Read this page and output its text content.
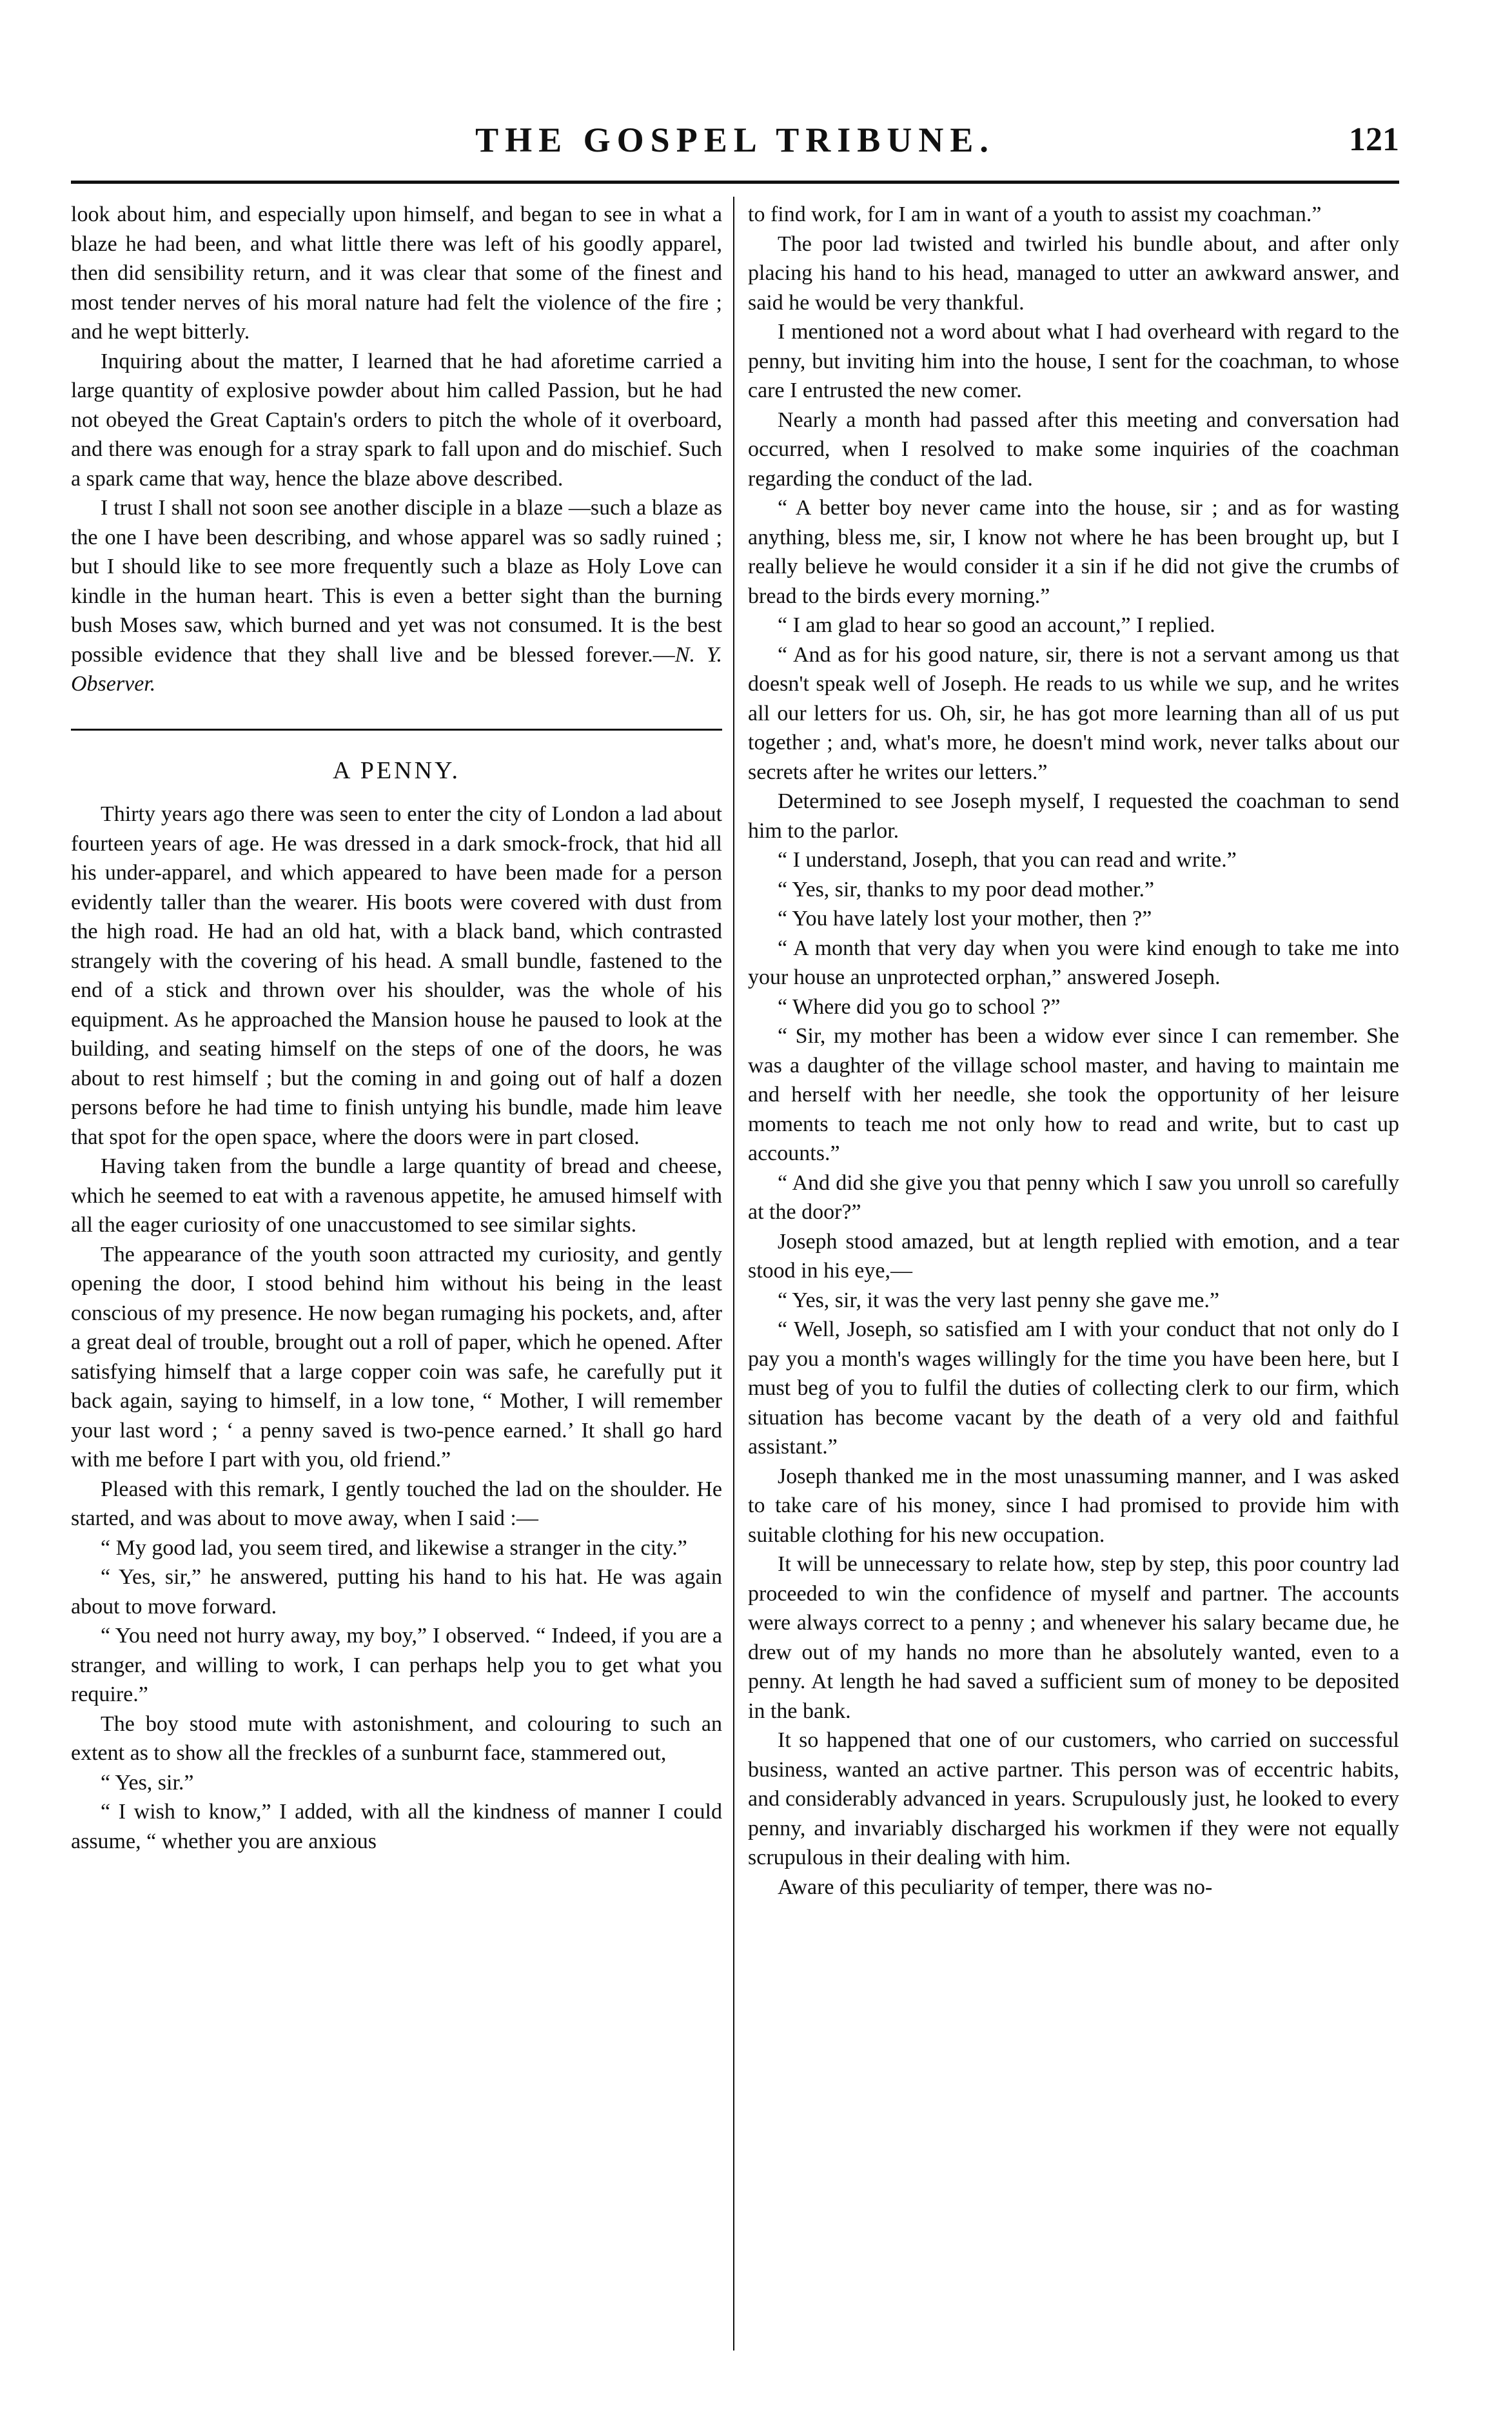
THE GOSPEL TRIBUNE.	121

look about him, and especially upon himself, and began to see in what a blaze he had been, and what little there was left of his goodly apparel, then did sensibility return, and it was clear that some of the finest and most tender nerves of his moral nature had felt the violence of the fire ; and he wept bitterly.

Inquiring about the matter, I learned that he had aforetime carried a large quantity of explosive powder about him called Passion, but he had not obeyed the Great Captain's orders to pitch the whole of it overboard, and there was enough for a stray spark to fall upon and do mischief. Such a spark came that way, hence the blaze above described.

I trust I shall not soon see another disciple in a blaze —such a blaze as the one I have been describing, and whose apparel was so sadly ruined ; but I should like to see more frequently such a blaze as Holy Love can kindle in the human heart. This is even a better sight than the burning bush Moses saw, which burned and yet was not consumed. It is the best possible evidence that they shall live and be blessed forever.—N. Y. Observer.

A PENNY.

Thirty years ago there was seen to enter the city of London a lad about fourteen years of age. He was dressed in a dark smock-frock, that hid all his under-apparel, and which appeared to have been made for a person evidently taller than the wearer. His boots were covered with dust from the high road. He had an old hat, with a black band, which contrasted strangely with the covering of his head. A small bundle, fastened to the end of a stick and thrown over his shoulder, was the whole of his equipment. As he approached the Mansion house he paused to look at the building, and seating himself on the steps of one of the doors, he was about to rest himself ; but the coming in and going out of half a dozen persons before he had time to finish untying his bundle, made him leave that spot for the open space, where the doors were in part closed.

Having taken from the bundle a large quantity of bread and cheese, which he seemed to eat with a ravenous appetite, he amused himself with all the eager curiosity of one unaccustomed to see similar sights.

The appearance of the youth soon attracted my curiosity, and gently opening the door, I stood behind him without his being in the least conscious of my presence. He now began rumaging his pockets, and, after a great deal of trouble, brought out a roll of paper, which he opened. After satisfying himself that a large copper coin was safe, he carefully put it back again, saying to himself, in a low tone, “ Mother, I will remember your last word ; ‘ a penny saved is two-pence earned.’ It shall go hard with me before I part with you, old friend.”

Pleased with this remark, I gently touched the lad on the shoulder. He started, and was about to move away, when I said :—

“ My good lad, you seem tired, and likewise a stranger in the city.”

“ Yes, sir,” he answered, putting his hand to his hat. He was again about to move forward.

“ You need not hurry away, my boy,” I observed. “ Indeed, if you are a stranger, and willing to work, I can perhaps help you to get what you require.”

The boy stood mute with astonishment, and colouring to such an extent as to show all the freckles of a sunburnt face, stammered out,

“ Yes, sir.”

“ I wish to know,” I added, with all the kindness of manner I could assume, “ whether you are anxious

to find work, for I am in want of a youth to assist my coachman.”

The poor lad twisted and twirled his bundle about, and after only placing his hand to his head, managed to utter an awkward answer, and said he would be very thankful.

I mentioned not a word about what I had overheard with regard to the penny, but inviting him into the house, I sent for the coachman, to whose care I entrusted the new comer.

Nearly a month had passed after this meeting and conversation had occurred, when I resolved to make some inquiries of the coachman regarding the conduct of the lad.

“ A better boy never came into the house, sir ; and as for wasting anything, bless me, sir, I know not where he has been brought up, but I really believe he would consider it a sin if he did not give the crumbs of bread to the birds every morning.”

“ I am glad to hear so good an account,” I replied.

“ And as for his good nature, sir, there is not a servant among us that doesn't speak well of Joseph. He reads to us while we sup, and he writes all our letters for us. Oh, sir, he has got more learning than all of us put together ; and, what's more, he doesn't mind work, never talks about our secrets after he writes our letters.”

Determined to see Joseph myself, I requested the coachman to send him to the parlor.

“ I understand, Joseph, that you can read and write.”

“ Yes, sir, thanks to my poor dead mother.”

“ You have lately lost your mother, then ?”

“ A month that very day when you were kind enough to take me into your house an unprotected orphan,” answered Joseph.

“ Where did you go to school ?”

“ Sir, my mother has been a widow ever since I can remember. She was a daughter of the village school master, and having to maintain me and herself with her needle, she took the opportunity of her leisure moments to teach me not only how to read and write, but to cast up accounts.”

“ And did she give you that penny which I saw you unroll so carefully at the door?”

Joseph stood amazed, but at length replied with emotion, and a tear stood in his eye,—

“ Yes, sir, it was the very last penny she gave me.”

“ Well, Joseph, so satisfied am I with your conduct that not only do I pay you a month's wages willingly for the time you have been here, but I must beg of you to fulfil the duties of collecting clerk to our firm, which situation has become vacant by the death of a very old and faithful assistant.”

Joseph thanked me in the most unassuming manner, and I was asked to take care of his money, since I had promised to provide him with suitable clothing for his new occupation.

It will be unnecessary to relate how, step by step, this poor country lad proceeded to win the confidence of myself and partner. The accounts were always correct to a penny ; and whenever his salary became due, he drew out of my hands no more than he absolutely wanted, even to a penny. At length he had saved a sufficient sum of money to be deposited in the bank.

It so happened that one of our customers, who carried on successful business, wanted an active partner. This person was of eccentric habits, and considerably advanced in years. Scrupulously just, he looked to every penny, and invariably discharged his workmen if they were not equally scrupulous in their dealing with him.

Aware of this peculiarity of temper, there was no-
